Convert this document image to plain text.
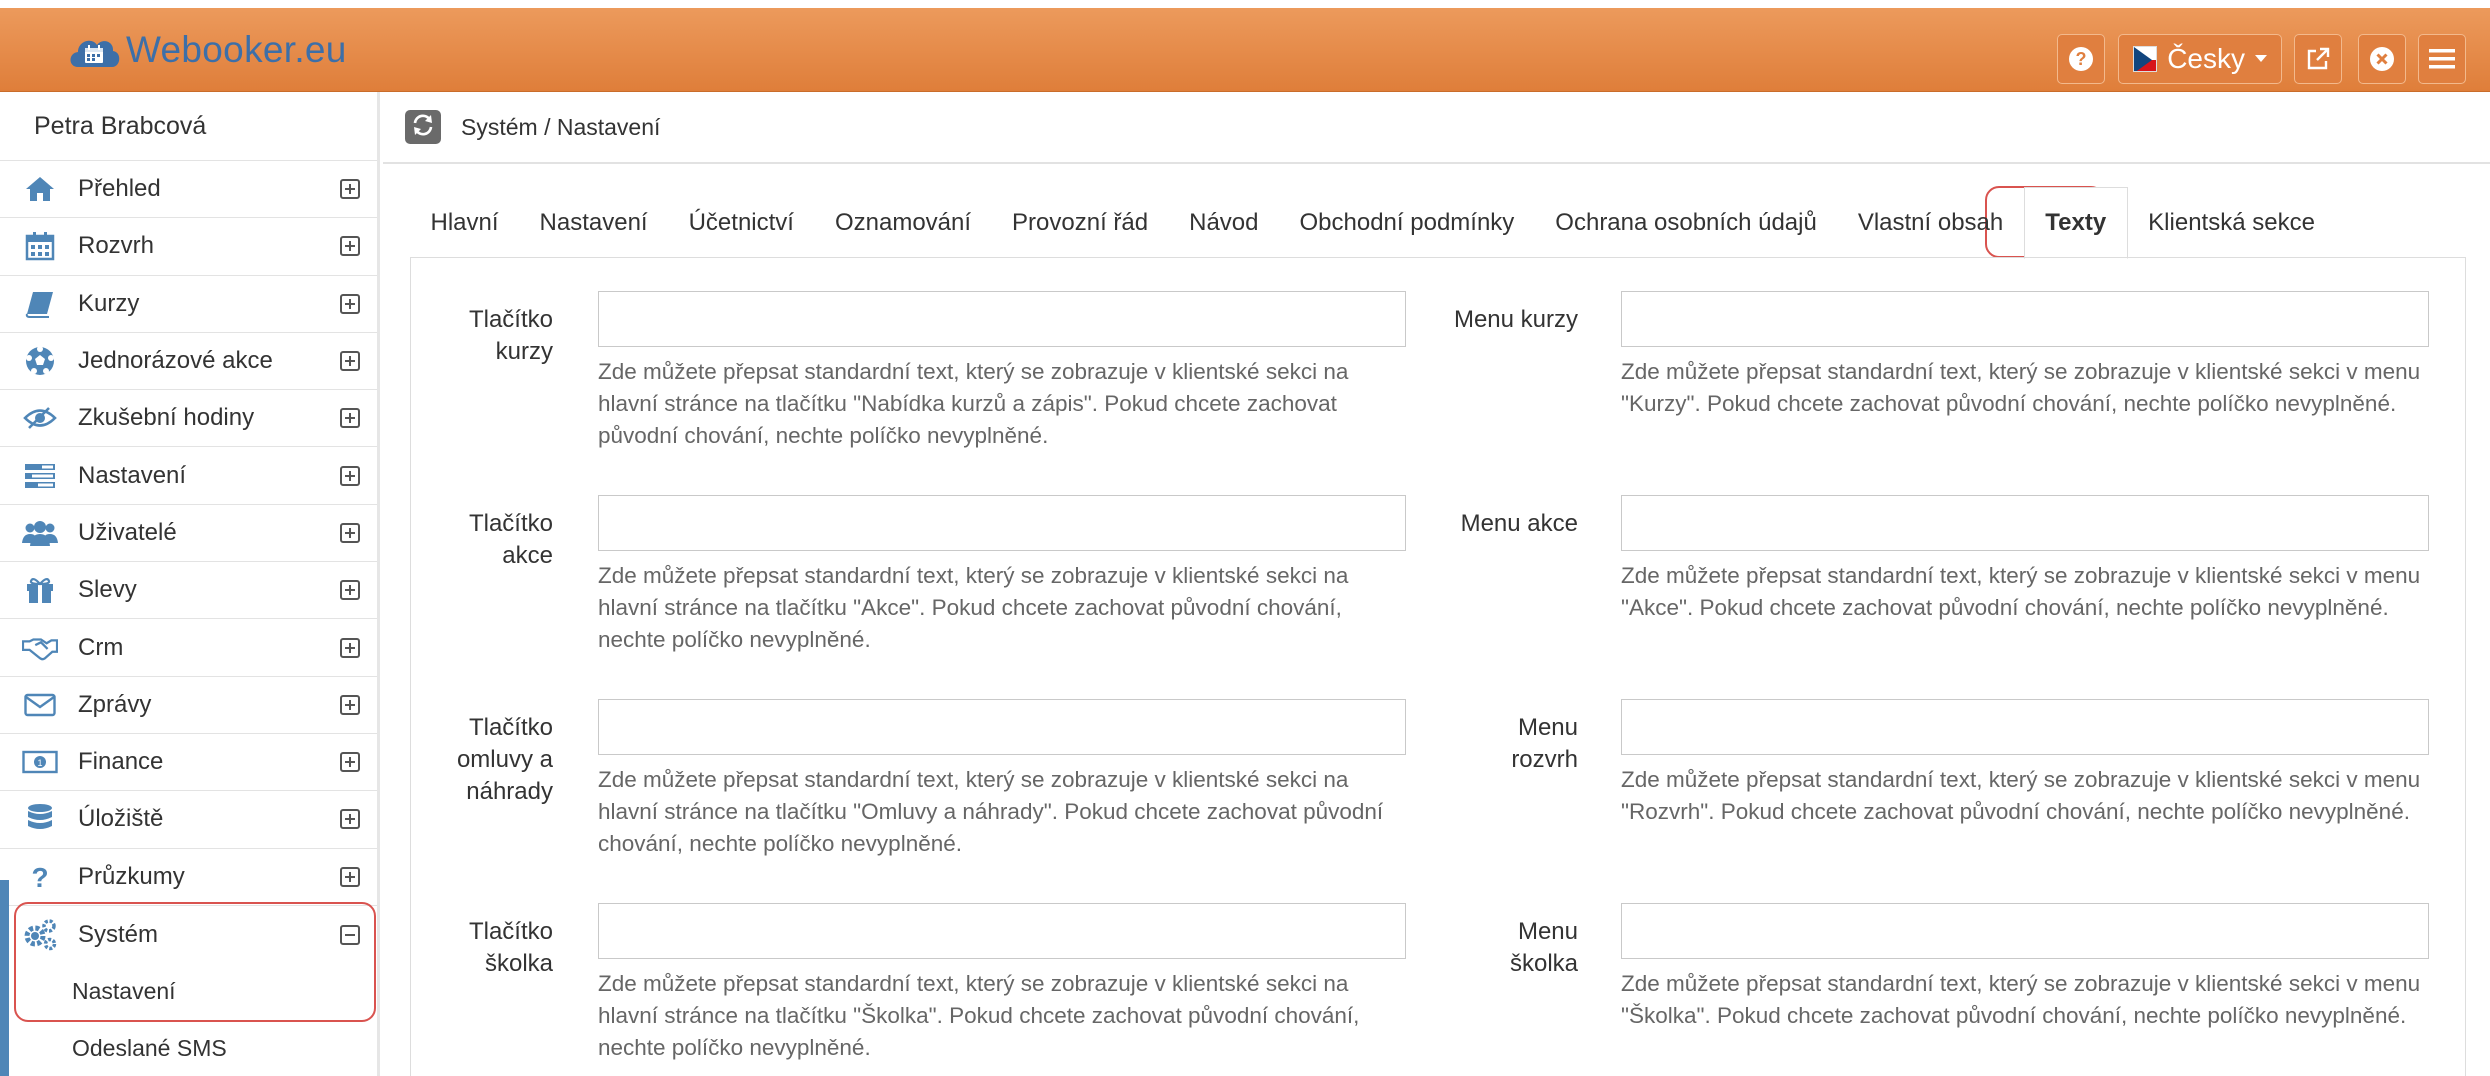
Webooker.eu	?	Česky
Petra Brabcová
Přehled
Rozvrh
Kurzy
Jednorázové akce
Zkušební hodiny
Nastavení
Uživatelé
Slevy
Crm
Zprávy
1 Finance
Úložiště
? Průzkumy
Systém
Nastavení
Odeslané SMS
Systém / Nastavení
Hlavní	Nastavení	Účetnictví	Oznamování	Provozní řád	Návod	Obchodní podmínky	Ochrana osobních údajů	Vlastní obsah	Texty	Klientská sekce
Tlačítko kurzy
Zde můžete přepsat standardní text, který se zobrazuje v klientské sekci na hlavní stránce na tlačítku "Nabídka kurzů a zápis". Pokud chcete zachovat původní chování, nechte políčko nevyplněné.
Tlačítko akce
Zde můžete přepsat standardní text, který se zobrazuje v klientské sekci na hlavní stránce na tlačítku "Akce". Pokud chcete zachovat původní chování, nechte políčko nevyplněné.
Tlačítko omluvy a náhrady Zde můžete přepsat standardní text, který se zobrazuje v klientské sekci na hlavní stránce na tlačítku "Omluvy a náhrady". Pokud chcete zachovat původní chování, nechte políčko nevyplněné.
Tlačítko školka
Zde můžete přepsat standardní text, který se zobrazuje v klientské sekci na hlavní stránce na tlačítku "Školka". Pokud chcete zachovat původní chování, nechte políčko nevyplněné.
Menu kurzy
Zde můžete přepsat standardní text, který se zobrazuje v klientské sekci v menu "Kurzy". Pokud chcete zachovat původní chování, nechte políčko nevyplněné.
Menu akce
Zde můžete přepsat standardní text, který se zobrazuje v klientské sekci v menu "Akce". Pokud chcete zachovat původní chování, nechte políčko nevyplněné.
Menu rozvrh
Zde můžete přepsat standardní text, který se zobrazuje v klientské sekci v menu "Rozvrh". Pokud chcete zachovat původní chování, nechte políčko nevyplněné.
Menu školka
Zde můžete přepsat standardní text, který se zobrazuje v klientské sekci v menu "Školka". Pokud chcete zachovat původní chování, nechte políčko nevyplněné.
